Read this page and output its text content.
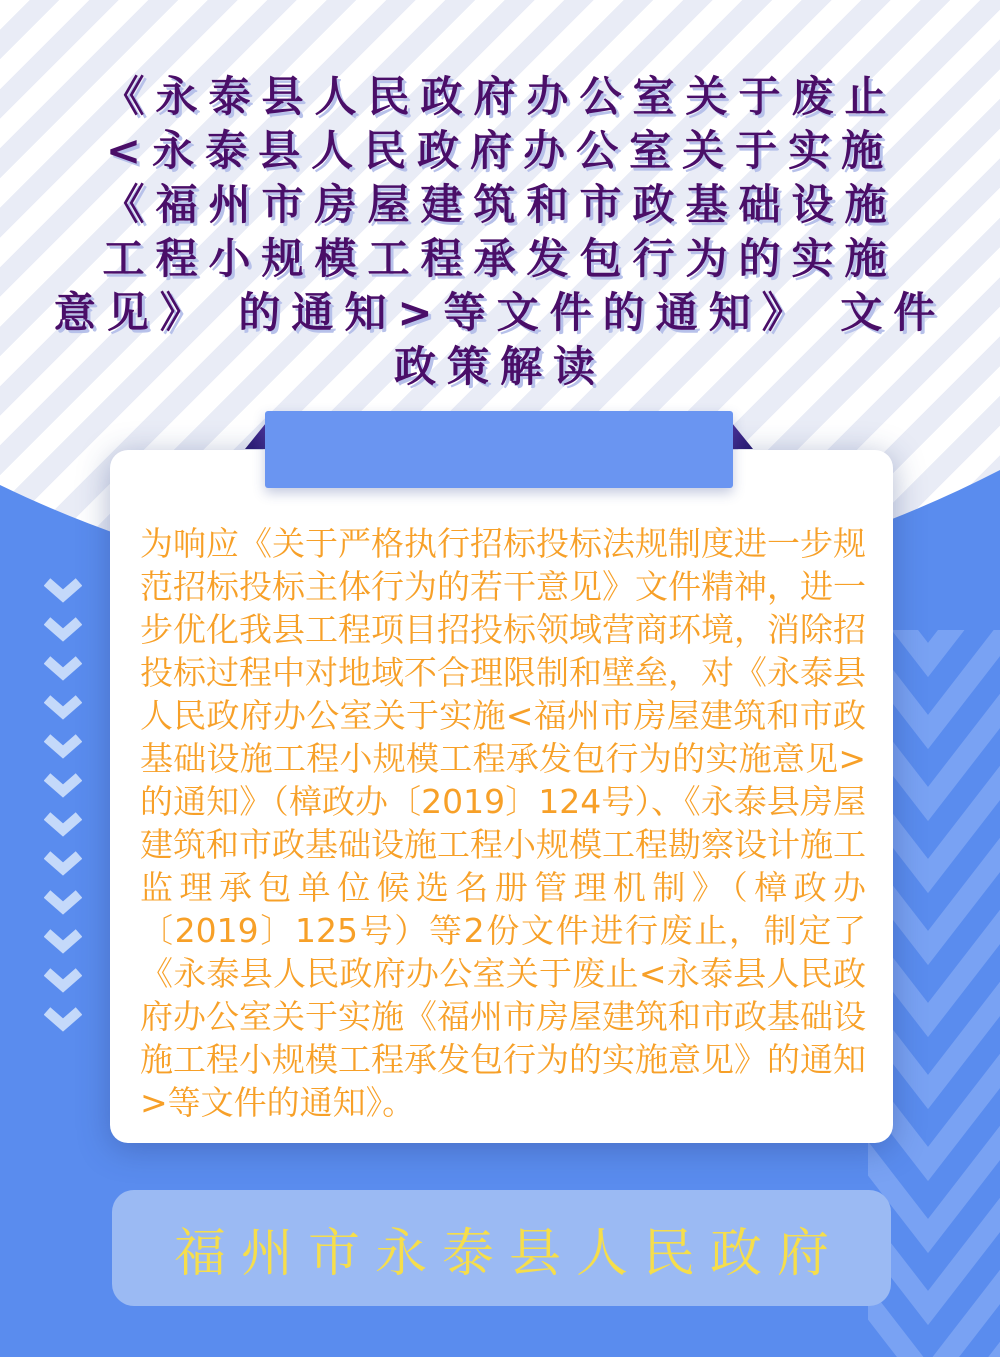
《永泰县人民政府办公室关于废止
<永泰县人民政府办公室关于实施
《福州市房屋建筑和市政基础设施
工程小规模工程承发包行为的实施
意见》 的通知>等文件的通知》 文件
政策解读
为响应《关于严格执行招标投标法规制度进一步规范招标投标主体行为的若干意见》文件精神，进一步优化我县工程项目招投标领域营商环境，消除招投标过程中对地域不合理限制和壁垒，对《永泰县人民政府办公室关于实施<福州市房屋建筑和市政基础设施工程小规模工程承发包行为的实施意见>的通知》（樟政办〔2019〕124号）、《永泰县房屋建筑和市政基础设施工程小规模工程勘察设计施工监理承包单位候选名册管理机制》（樟政办〔2019〕125号）等2份文件进行废止，制定了《永泰县人民政府办公室关于废止<永泰县人民政府办公室关于实施《福州市房屋建筑和市政基础设施工程小规模工程承发包行为的实施意见》的通知>等文件的通知》。
福州市永泰县人民政府
